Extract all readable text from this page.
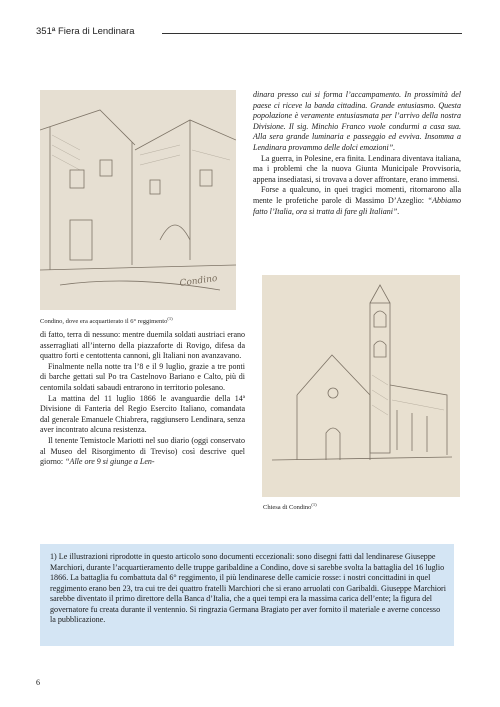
351ª Fiera di Lendinara
Condino
Condino, dove era acquartierato il 6° reggimento$^{(1)}$

dinara presso cui si forma l’accampamento. In prossimità del paese ci riceve la banda cittadina. Grande entusiasmo. Questa popolazione è veramente entusiasmata per l’arrivo della nostra Divisione. Il sig. Minchio Franco vuole condurmi a casa sua. Alla sera grande luminaria e passeggio ed evviva. Insomma a Lendinara provammo delle dolci emozioni”.

La guerra, in Polesine, era finita. Lendinara diventava italiana, ma i problemi che la nuova Giunta Municipale Provvisoria, appena insediatasi, si trovava a dover affrontare, erano immensi.

Forse a qualcuno, in quei tragici momenti, ritornarono alla mente le profetiche parole di Massimo D’Azeglio: “Abbiamo fatto l’Italia, ora si tratta di fare gli Italiani”.

di fatto, terra di nessuno: mentre duemila soldati austriaci erano asserragliati all’interno della piazzaforte di Rovigo, difesa da quattro forti e centottenta cannoni, gli Italiani non avanzavano.

Finalmente nella notte tra l’8 e il 9 luglio, grazie a tre ponti di barche gettati sul Po tra Castelnovo Bariano e Calto, più di centomila soldati sabaudi entrarono in territorio polesano.

La mattina del 11 luglio 1866 le avanguardie della 14ª Divisione di Fanteria del Regio Esercito Italiano, comandata dal generale Emanuele Chiabrera, raggiunsero Lendinara, senza aver incontrato alcuna resistenza.

Il tenente Temistocle Mariotti nel suo diario (oggi conservato al Museo del Risorgimento di Treviso) così descrive quel giorno: “Alle ore 9 si giunge a Len-

Chiesa di Condino$^{(1)}$

1) Le illustrazioni riprodotte in questo articolo sono documenti eccezionali: sono disegni fatti dal lendinarese Giuseppe Marchiori, durante l’acquartieramento delle truppe garibaldine a Condino, dove si sarebbe svolta la battaglia del 16 luglio 1866. La battaglia fu combattuta dal 6° reggimento, il più lendinarese delle camicie rosse: i nostri concittadini in quel reggimento erano ben 23, tra cui tre dei quattro fratelli Marchiori che si erano arruolati con Garibaldi. Giuseppe Marchiori sarebbe diventato il primo direttore della Banca d’Italia, che a quei tempi era la massima carica dell’ente; la figura del governatore fu creata durante il ventennio. Si ringrazia Germana Bragiato per aver fornito il materiale e averne concesso la pubblicazione.

6
